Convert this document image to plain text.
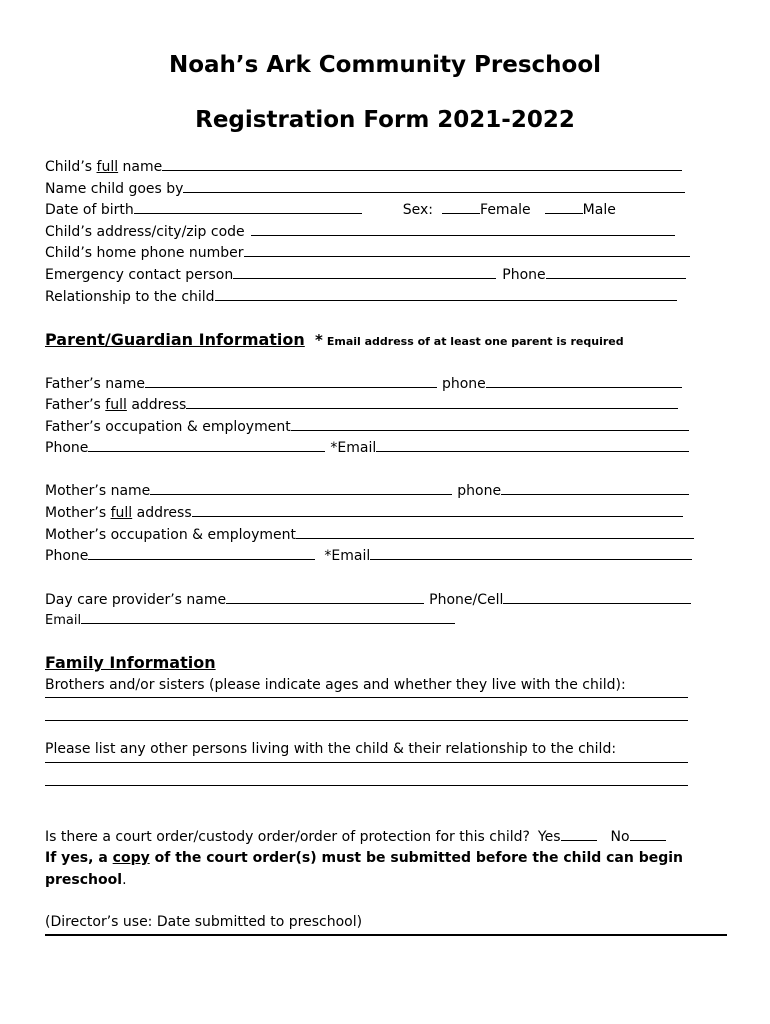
Noah’s Ark Community Preschool
Registration Form 2021-2022
Child’s full name
Name child goes by
Date of birth	Sex:	Female	Male
Child’s address/city/zip code
Child’s home phone number
Emergency contact person	Phone
Relationship to the child
Parent/Guardian Information * Email address of at least one parent is required
Father’s name	phone
Father’s full address
Father’s occupation & employment
Phone	*Email
Mother’s name	phone
Mother’s full address
Mother’s occupation & employment
Phone	*Email
Day care provider’s name	Phone/Cell
Email
Family Information
Brothers and/or sisters (please indicate ages and whether they live with the child):
Please list any other persons living with the child & their relationship to the child:
Is there a court order/custody order/order of protection for this child? Yes	No
If yes, a copy of the court order(s) must be submitted before the child can begin
preschool.
(Director’s use: Date submitted to preschool)
